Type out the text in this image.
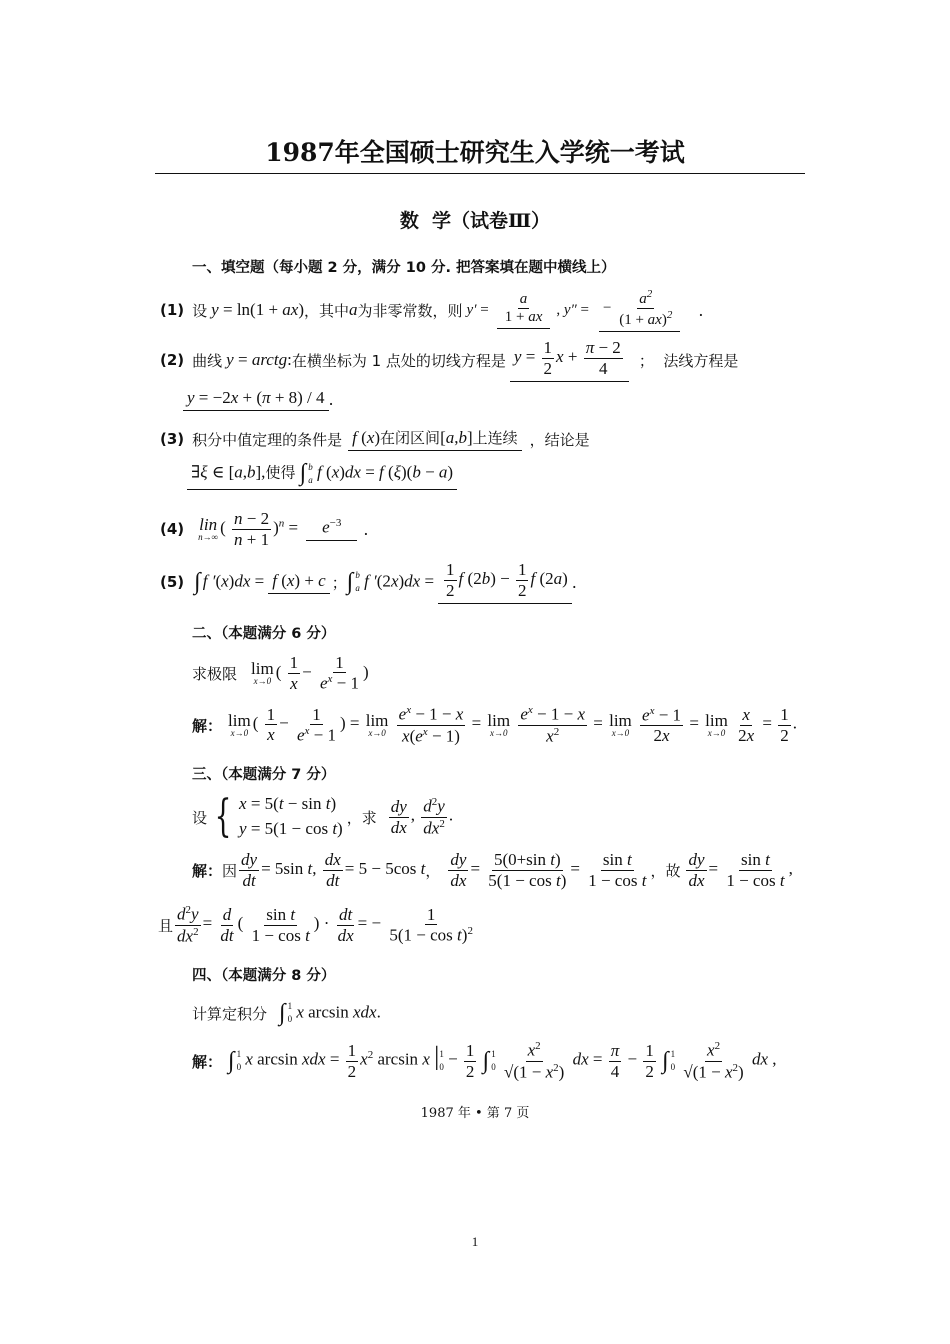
1987年全国硕士研究生入学统一考试
数  学（试卷Ⅲ）
一、填空题（每小题 2 分，满分 10 分. 把答案填在题中横线上）
(1) 设 y = ln(1 + ax) ，其中 a 为非零常数，则 $y' = \frac{a}{1 + ax}$ , y″ = − $\frac{a^2}{(1 + ax)^2}$ .
(2) 曲线 y = arctg: 在横坐标为 1 点处的切线方程是 $y = \frac{1}{2}$ $x + \frac{\pi - 2}{4}$ ；  法线方程是
y = −2x + (π + 8) / 4 .
(3) 积分中值定理的条件是 f (x)在闭区间[a,b]上连续 ，结论是
∃ξ ∈ [a,b],使得 ∫ b
a f (x)dx = f (ξ)(b − a)
(4) lin
n→∞
( $\frac{n - 2}{n + 1} )^n$ =	$e^{-3}$	.
(5) ∫ f ′(x)dx = f (x) + c ； ∫ b
a f $'(2x)dx = \frac{1}{2}$ f $(2b) - \frac{1}{2}$ f (2a) .
二、（本题满分 6 分）
求极限 lim
x→0
( $\frac{1}{x} - \frac{1}{e^x - 1}$ )
解： lim
x→0
( $\frac{1}{x} - \frac{1}{e^x - 1}$ ) = lim
x→0
$\frac{e^x - 1 - x}{x(e^x - 1)} = \lim$
x→0
$\frac{e^x - 1 - x}{x^2} = \lim$
x→0
$\frac{e^x - 1}{2x} = \lim$
x→0
$\frac{x}{2x} = \frac{1}{2}$ .
三、（本题满分 7 分）
设 { x = 5(t − sin t)
y = 5(1 − cos t)
，求 $\frac{dy}{dx}$ , $\frac{d^2y}{dx^2}$ .
解： 因 $\frac{dy}{dt} = 5\sin$ t, $\frac{dx}{dt} = 5 - 5\cos$ t ， $\frac{dy}{dx} = \frac{\text{5(0+sin t)}}{\text{5(1 − cos t)}} = \frac{\text{sin t}}{\text{1 − cos t}}$ ，故 $\frac{dy}{dx} = \frac{\text{sin t}}{\text{1 − cos t}}$ ,
且 $\frac{d^2y}{dx^2} = \frac{d}{dt}$ ( $\frac{\text{sin t}}{\text{1 − cos t}}$ ) · $\frac{dt}{dx}$ = − $\frac{1}{5(1 - \cos t)^2}$
四、（本题满分 8 分）
计算定积分 ∫ 1
0 x arcsin xdx.
解： ∫ 1
0 x arcsin xdx = $\frac{1}{2} x^2$ arcsin x | 1
$0 - \frac{1}{2}$ ∫ 1
0
$\frac{x^2}{√(1 - x^2)}$ dx = $\frac{\pi}{4} - \frac{1}{2}$ ∫ 1
0
$\frac{x^2}{√(1 - x^2)}$ dx ,
1987 年 • 第 7 页
1
